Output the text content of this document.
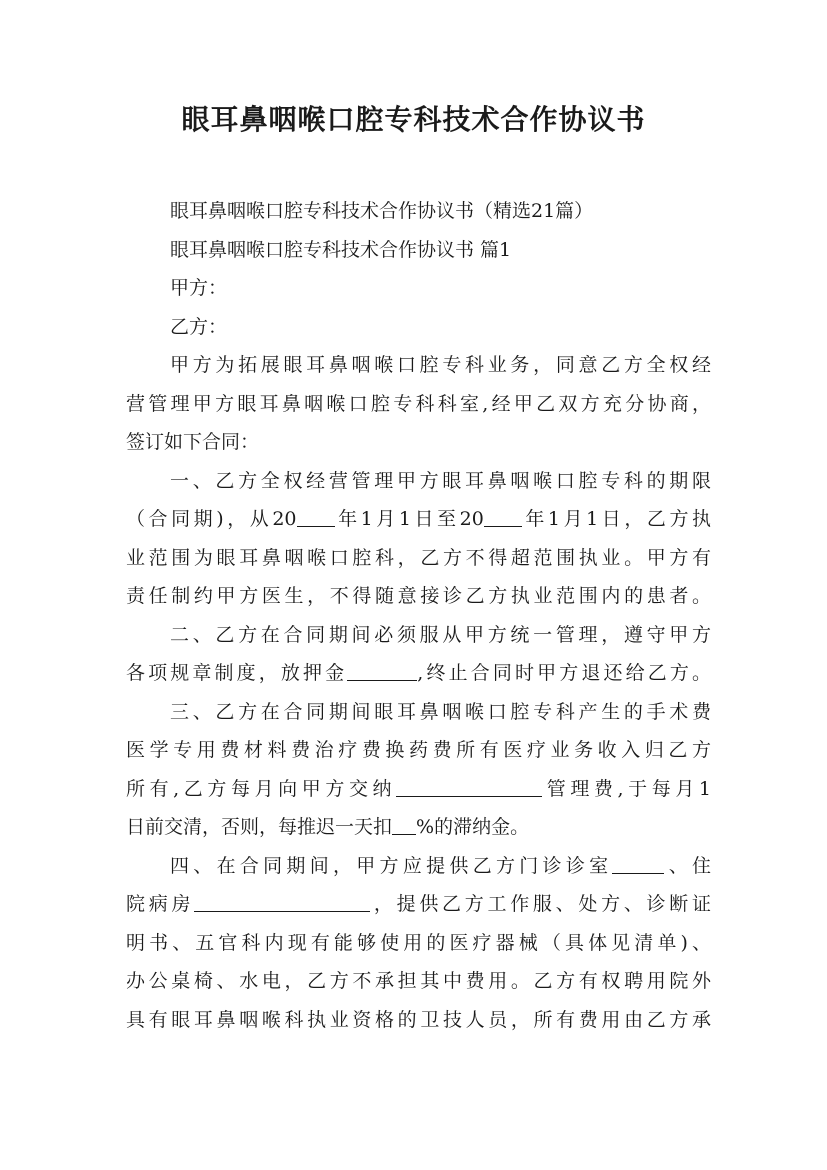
眼耳鼻咽喉口腔专科技术合作协议书
眼耳鼻咽喉口腔专科技术合作协议书（精选21篇）
眼耳鼻咽喉口腔专科技术合作协议书 篇1
甲方：
乙方：
甲方为拓展眼耳鼻咽喉口腔专科业务，同意乙方全权经
营管理甲方眼耳鼻咽喉口腔专科科室,经甲乙双方充分协商，
签订如下合同：
一、乙方全权经营管理甲方眼耳鼻咽喉口腔专科的期限
（合同期)，从20 年1月1日至20 年1月1日，乙方执
业范围为眼耳鼻咽喉口腔科，乙方不得超范围执业。甲方有
责任制约甲方医生，不得随意接诊乙方执业范围内的患者。
二、乙方在合同期间必须服从甲方统一管理，遵守甲方
各项规章制度，放押金	,终止合同时甲方退还给乙方。
三、乙方在合同期间眼耳鼻咽喉口腔专科产生的手术费
医学专用费材料费治疗费换药费所有医疗业务收入归乙方
所有,乙方每月向甲方交纳	管理费,于每月1
日前交清，否则，每推迟一天扣 %的滞纳金。
四、在合同期间，甲方应提供乙方门诊诊室	、住
院病房	，提供乙方工作服、处方、诊断证
明书、五官科内现有能够使用的医疗器械（具体见清单)、
办公桌椅、水电，乙方不承担其中费用。乙方有权聘用院外
具有眼耳鼻咽喉科执业资格的卫技人员，所有费用由乙方承
